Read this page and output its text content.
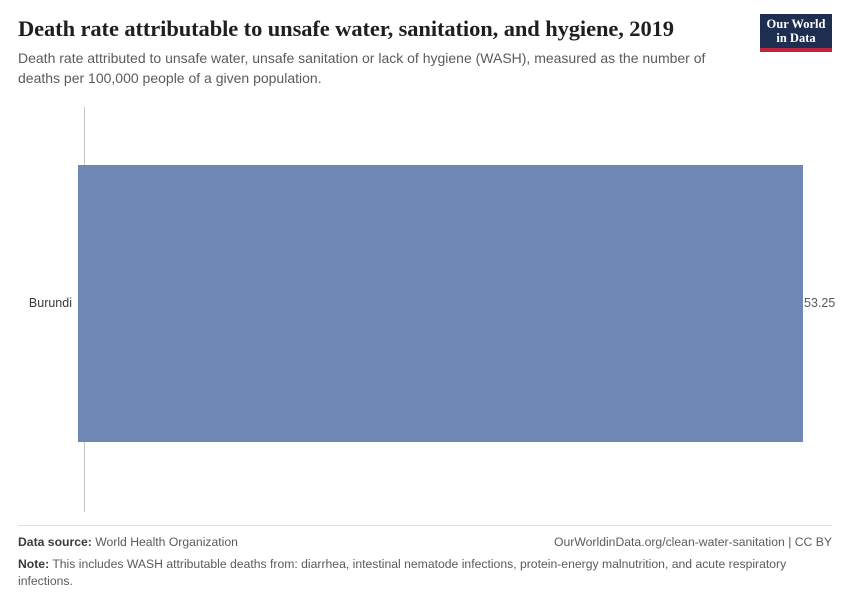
Death rate attributable to unsafe water, sanitation, and hygiene, 2019

Death rate attributed to unsafe water, unsafe sanitation or lack of hygiene (WASH), measured as the number of deaths per 100,000 people of a given population.

Our World
in Data
Burundi	53.25
Data source: World Health Organization	OurWorldinData.org/clean-water-sanitation | CC BY
Note: This includes WASH attributable deaths from: diarrhea, intestinal nematode infections, protein-energy malnutrition, and acute respiratory infections.
